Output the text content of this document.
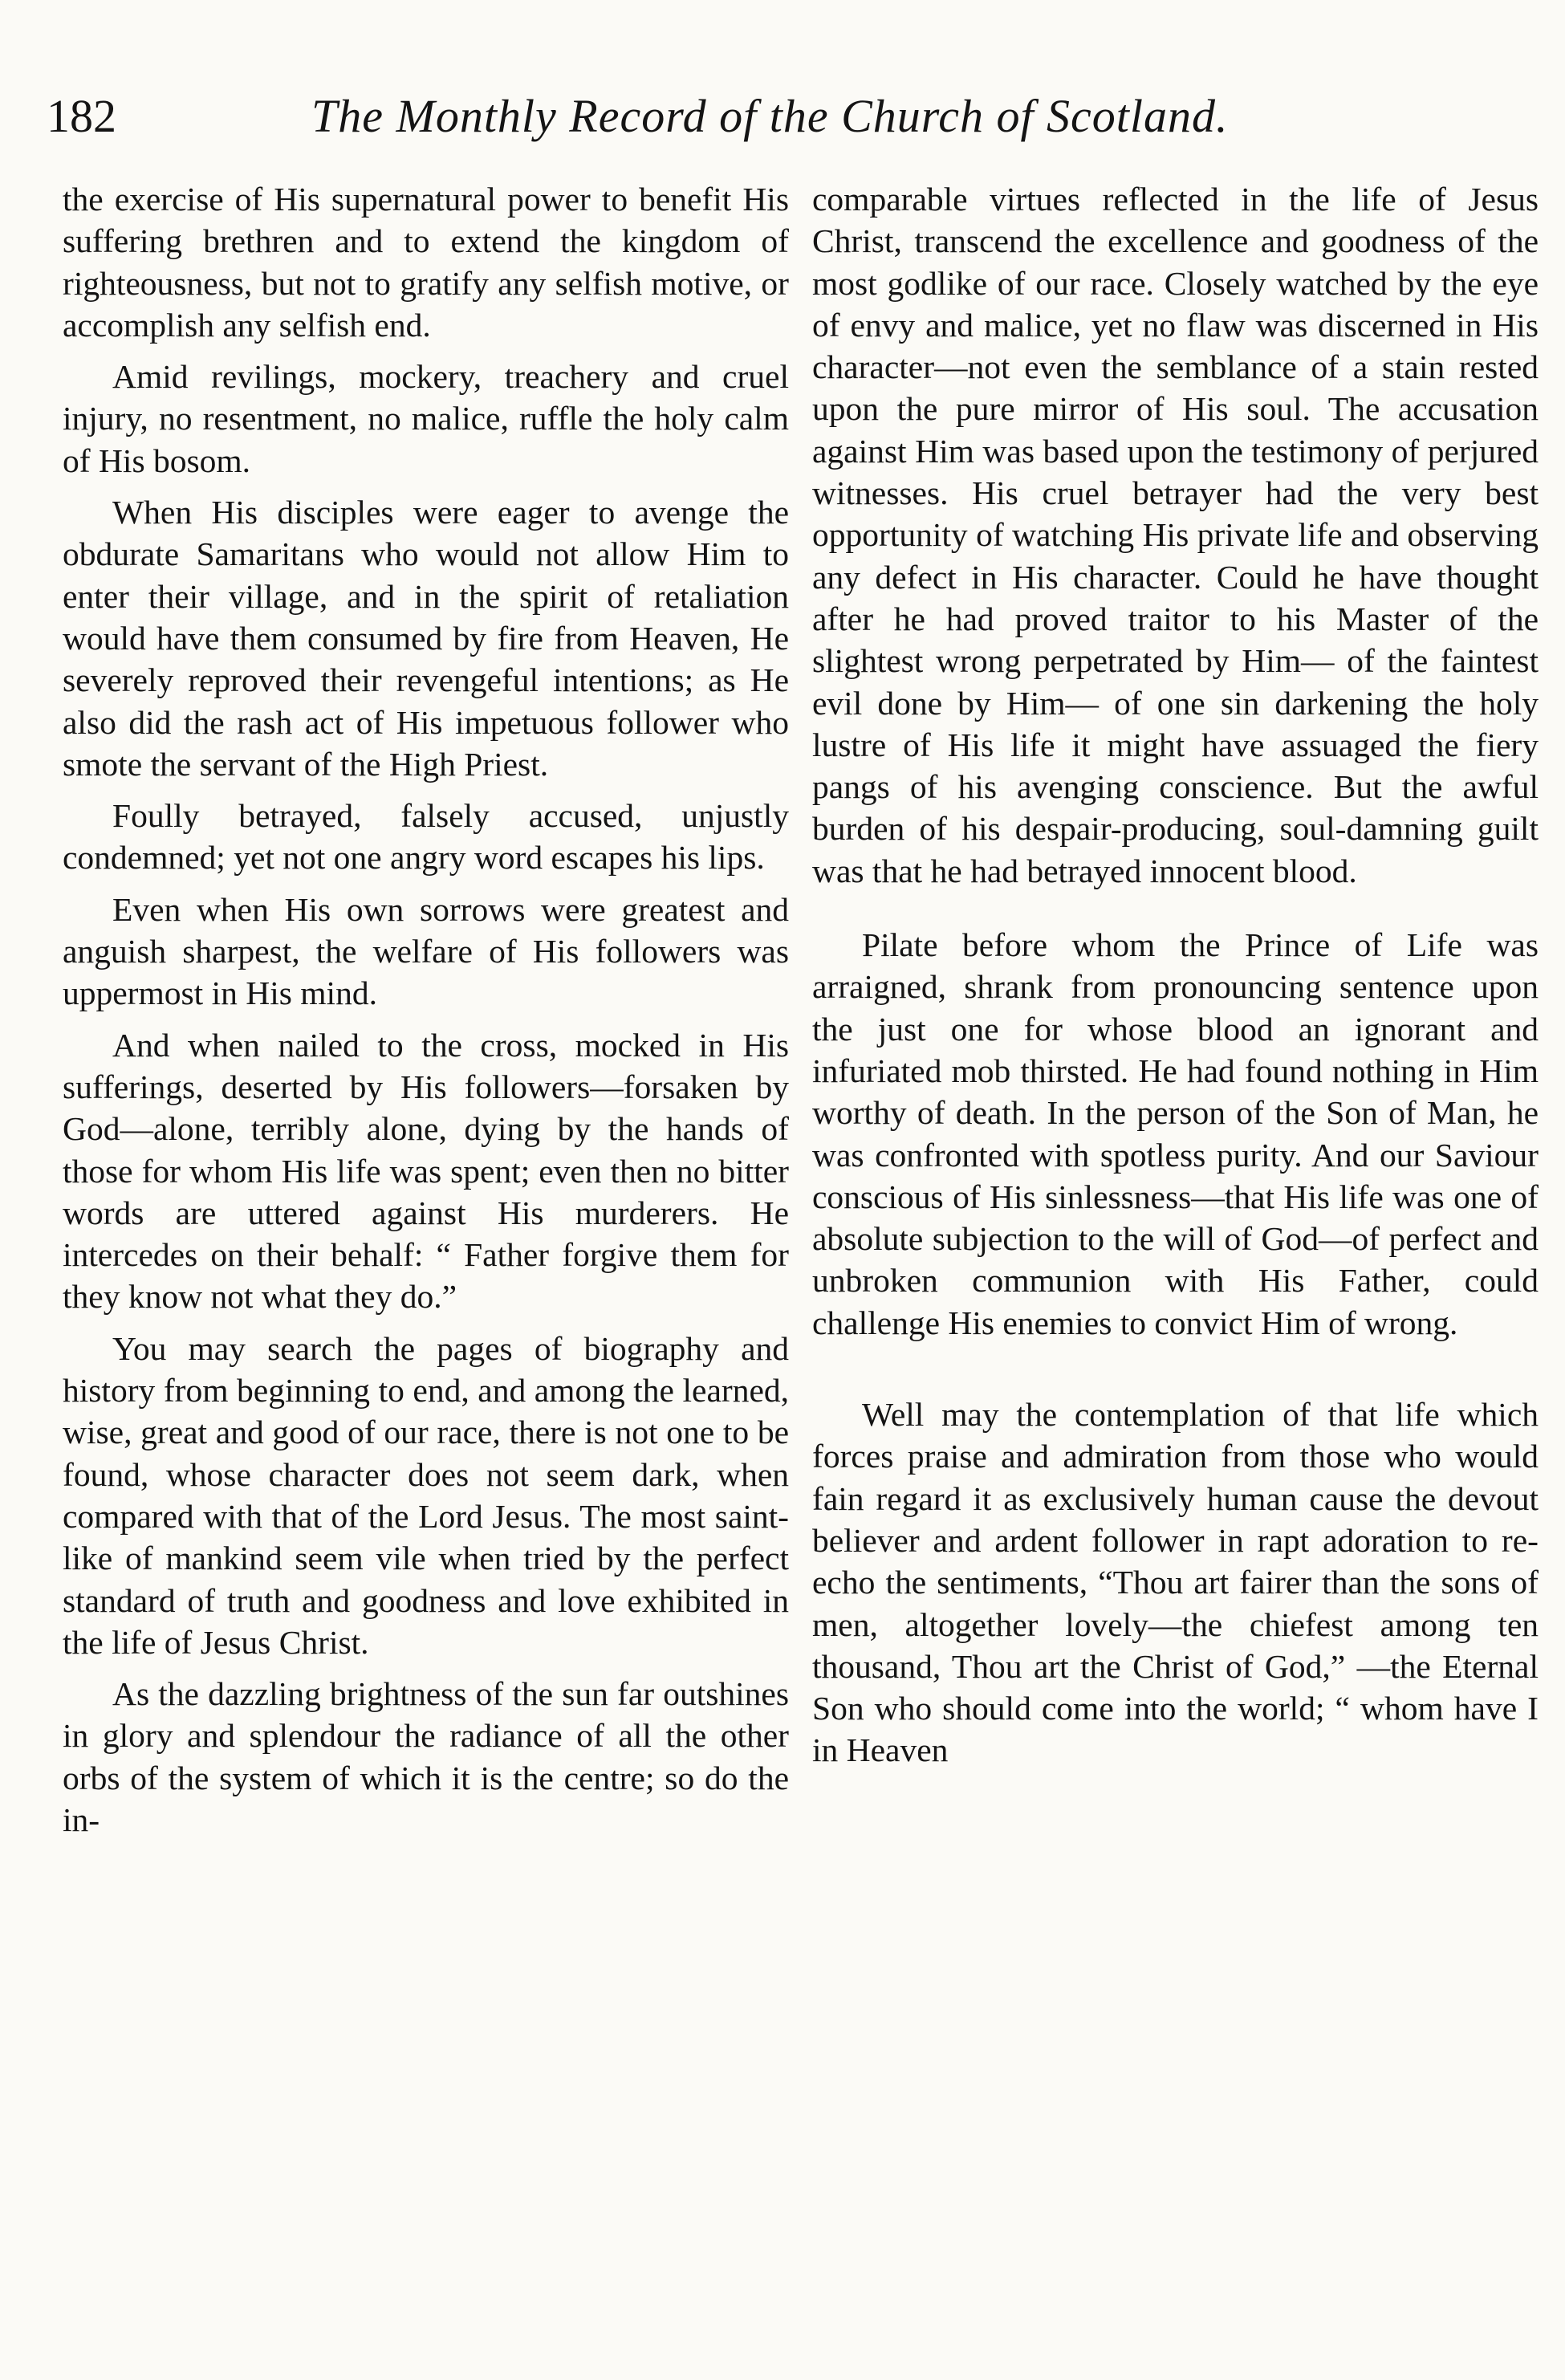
182	The Monthly Record of the Church of Scotland.

the exercise of His supernatural power to benefit His suffering brethren and to extend the kingdom of righteousness, but not to gratify any selfish motive, or accomplish any selfish end.

Amid revilings, mockery, treachery and cruel injury, no resentment, no malice, ruffle the holy calm of His bosom.

When His disciples were eager to avenge the obdurate Samaritans who would not allow Him to enter their village, and in the spirit of retaliation would have them consumed by fire from Heaven, He severely reproved their revengeful intentions; as He also did the rash act of His impetuous follower who smote the servant of the High Priest.

Foully betrayed, falsely accused, unjustly condemned; yet not one angry word escapes his lips.

Even when His own sorrows were greatest and anguish sharpest, the welfare of His followers was uppermost in His mind.

And when nailed to the cross, mocked in His sufferings, deserted by His followers—forsaken by God—alone, terribly alone, dying by the hands of those for whom His life was spent; even then no bitter words are uttered against His murderers. He intercedes on their behalf: “ Father forgive them for they know not what they do.”

You may search the pages of biography and history from beginning to end, and among the learned, wise, great and good of our race, there is not one to be found, whose character does not seem dark, when compared with that of the Lord Jesus. The most saint-like of mankind seem vile when tried by the perfect standard of truth and goodness and love exhibited in the life of Jesus Christ.

As the dazzling brightness of the sun far outshines in glory and splendour the radiance of all the other orbs of the system of which it is the centre; so do the in-

comparable virtues reflected in the life of Jesus Christ, transcend the excellence and goodness of the most godlike of our race. Closely watched by the eye of envy and malice, yet no flaw was discerned in His character—not even the semblance of a stain rested upon the pure mirror of His soul. The accusation against Him was based upon the testimony of perjured witnesses. His cruel betrayer had the very best opportunity of watching His private life and observing any defect in His character. Could he have thought after he had proved traitor to his Master of the slightest wrong perpetrated by Him— of the faintest evil done by Him— of one sin darkening the holy lustre of His life it might have assuaged the fiery pangs of his avenging conscience. But the awful burden of his despair-producing, soul-damning guilt was that he had betrayed innocent blood.

Pilate before whom the Prince of Life was arraigned, shrank from pronouncing sentence upon the just one for whose blood an ignorant and infuriated mob thirsted. He had found nothing in Him worthy of death. In the person of the Son of Man, he was confronted with spotless purity. And our Saviour conscious of His sinlessness—that His life was one of absolute subjection to the will of God—of perfect and unbroken communion with His Father, could challenge His enemies to convict Him of wrong.

Well may the contemplation of that life which forces praise and admiration from those who would fain regard it as exclusively human cause the devout believer and ardent follower in rapt adoration to re-echo the sentiments, “Thou art fairer than the sons of men, altogether lovely—the chiefest among ten thousand, Thou art the Christ of God,” —the Eternal Son who should come into the world; “ whom have I in Heaven
